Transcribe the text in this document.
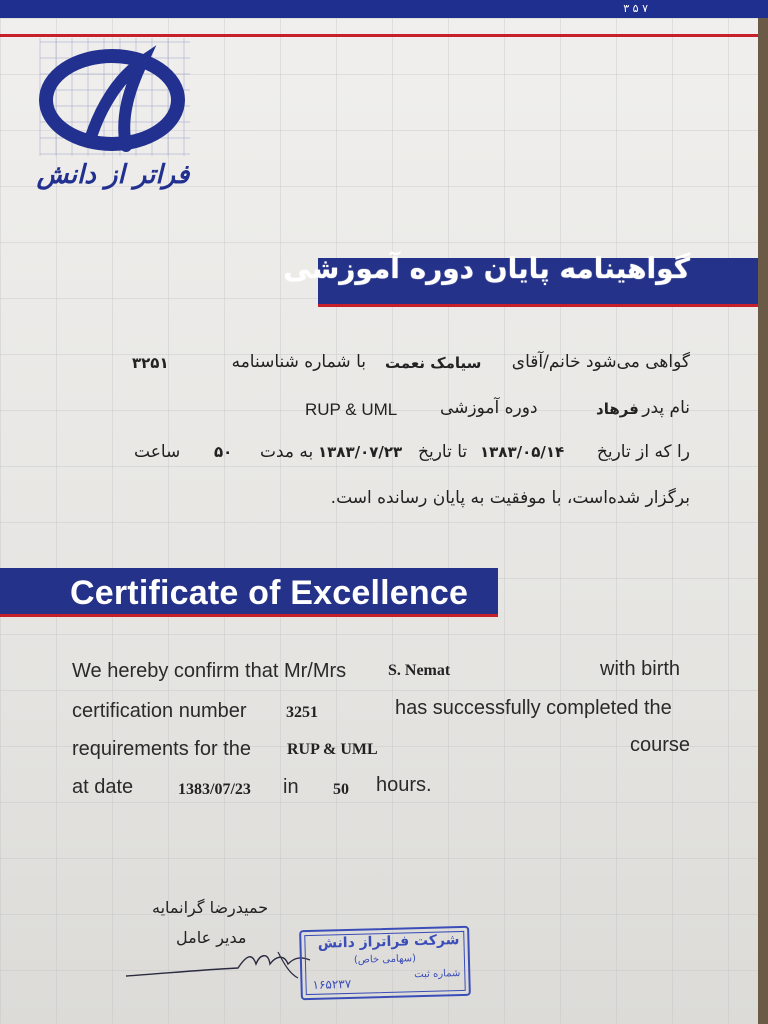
۳ ۵ ۷
فراتر از دانش
گواهینامه پایان دوره آموزشی
گواهی می‌شود خانم/آقای
سیامک نعمت
با شماره شناسنامه
۳۲۵۱
نام پدر
فرهاد
دوره آموزشی
RUP & UML
را که از تاریخ
۱۳۸۳/۰۵/۱۴
تا تاریخ
۱۳۸۳/۰۷/۲۳
به مدت
۵۰
ساعت
برگزار شده‌است، با موفقیت به پایان رسانده است.
Certificate of Excellence
We hereby confirm that Mr/Mrs	S. Nemat	with birth
certification number 3251	has successfully completed the
requirements for the RUP & UML	course
at date	1383/07/23 in 50 hours.
حمیدرضا گرانمایه
مدیر عامل	شرکت فراتراز دانش
(سهامی خاص)
شماره ثبت
۱۶۵۲۳۷
